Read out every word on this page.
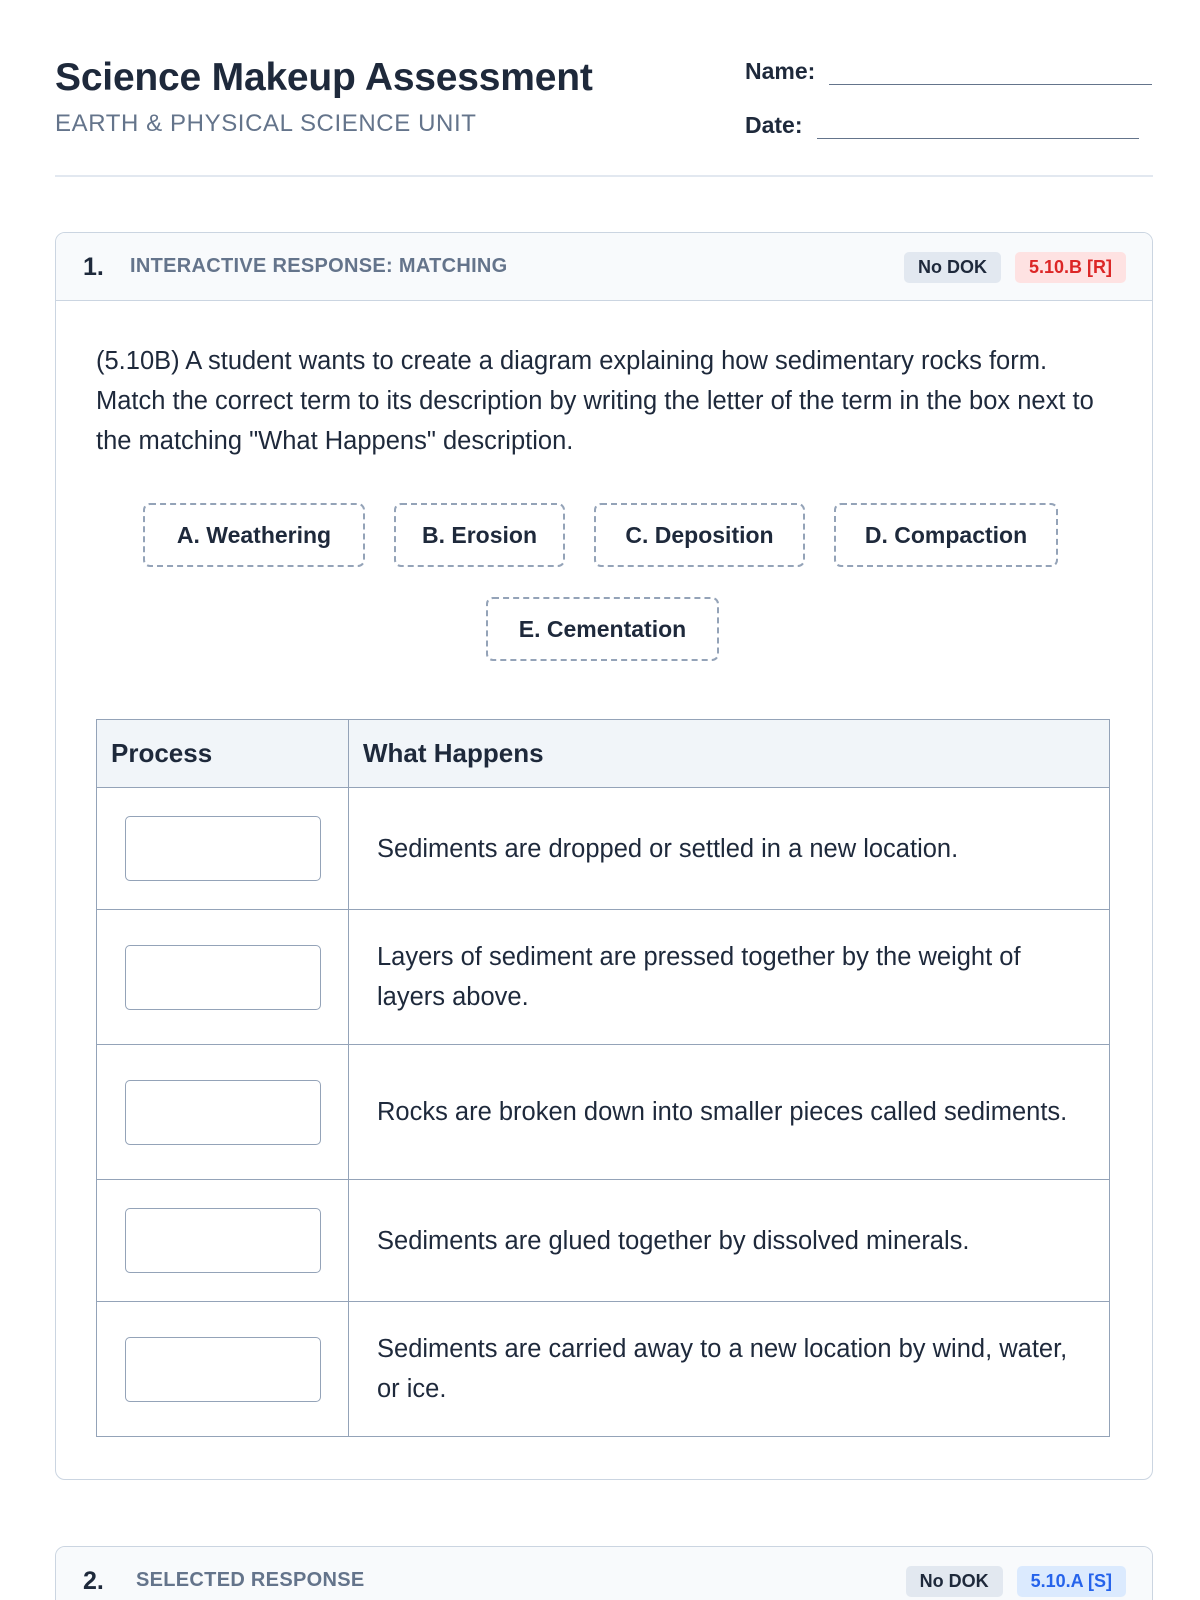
Science Makeup Assessment
EARTH & PHYSICAL SCIENCE UNIT
Name:
Date:
1. INTERACTIVE RESPONSE: MATCHING	No DOK	5.10.B [R]
(5.10B) A student wants to create a diagram explaining how sedimentary rocks form. Match the correct term to its description by writing the letter of the term in the box next to the matching "What Happens" description.
A. Weathering	B. Erosion	C. Deposition	D. Compaction
E. Cementation
Process	What Happens

	Sediments are dropped or settled in a new location.

	Layers of sediment are pressed together by the weight of layers above.

	Rocks are broken down into smaller pieces called sediments.

	Sediments are glued together by dissolved minerals.

	Sediments are carried away to a new location by wind, water, or ice.
2. SELECTED RESPONSE	No DOK	5.10.A [S]
